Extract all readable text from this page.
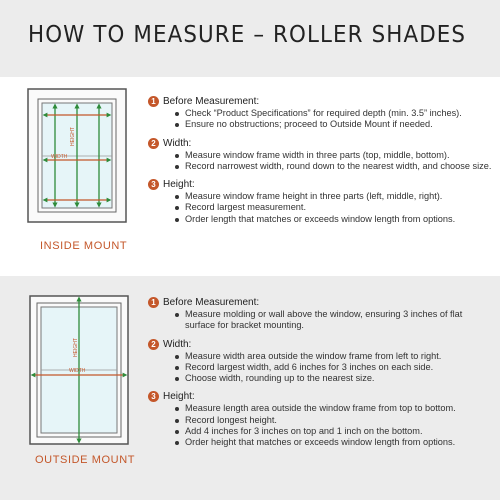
HOW TO MEASURE – ROLLER SHADES
HEIGHT
WIDTH
INSIDE MOUNT
1 Before Measurement:
Check “Product Specifications” for required depth (min. 3.5” inches).
Ensure no obstructions; proceed to Outside Mount if needed.
2 Width:
Measure window frame width in three parts (top, middle, bottom).
Record narrowest width, round down to the nearest width, and choose size.
3 Height:
Measure window frame height in three parts (left, middle, right).
Record largest measurement.
Order length that matches or exceeds window length from options.
HEIGHT
WIDTH
OUTSIDE MOUNT
1 Before Measurement:
Measure molding or wall above the window, ensuring 3 inches of flat surface for bracket mounting.
2 Width:
Measure width area outside the window frame from left to right.
Record largest width, add 6 inches for 3 inches on each side.
Choose width, rounding up to the nearest size.
3 Height:
Measure length area outside the window frame from top to bottom.
Record longest height.
Add 4 inches for 3 inches on top and 1 inch on the bottom.
Order height that matches or exceeds window length from options.
